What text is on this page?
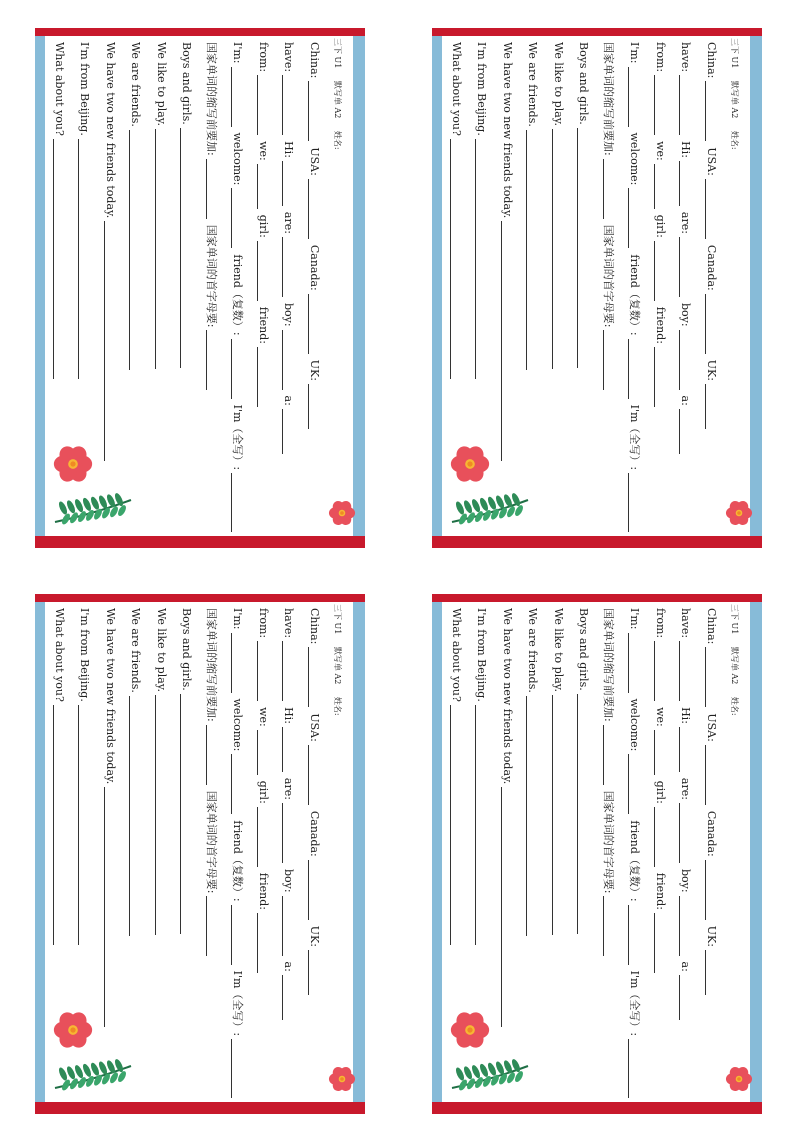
三下 U1 默写单 A2 姓名:
China:
USA:
Canada:
UK:
have:
Hi:
are:
boy:
a:
from:
we:
girl:
friend:
I'm:
welcome:
friend（复数）:
I'm（全写）:
国家单词的缩写前要加:
国家单词的首字母要:
Boys and girls.
We like to play.
We are friends.
We have two new friends today.
I'm from Beijing.
What about you?	三下 U1 默写单 A2 姓名:
China:
USA:
Canada:
UK:
have:
Hi:
are:
boy:
a:
from:
we:
girl:
friend:
I'm:
welcome:
friend（复数）:
I'm（全写）:
国家单词的缩写前要加:
国家单词的首字母要:
Boys and girls.
We like to play.
We are friends.
We have two new friends today.
I'm from Beijing.
What about you?
三下 U1 默写单 A2 姓名:
China:
USA:
Canada:
UK:
have:
Hi:
are:
boy:
a:
from:
we:
girl:
friend:
I'm:
welcome:
friend（复数）:
I'm（全写）:
国家单词的缩写前要加:
国家单词的首字母要:
Boys and girls.
We like to play.
We are friends.
We have two new friends today.
I'm from Beijing.
What about you?	三下 U1 默写单 A2 姓名:
China:
USA:
Canada:
UK:
have:
Hi:
are:
boy:
a:
from:
we:
girl:
friend:
I'm:
welcome:
friend（复数）:
I'm（全写）:
国家单词的缩写前要加:
国家单词的首字母要:
Boys and girls.
We like to play.
We are friends.
We have two new friends today.
I'm from Beijing.
What about you?
